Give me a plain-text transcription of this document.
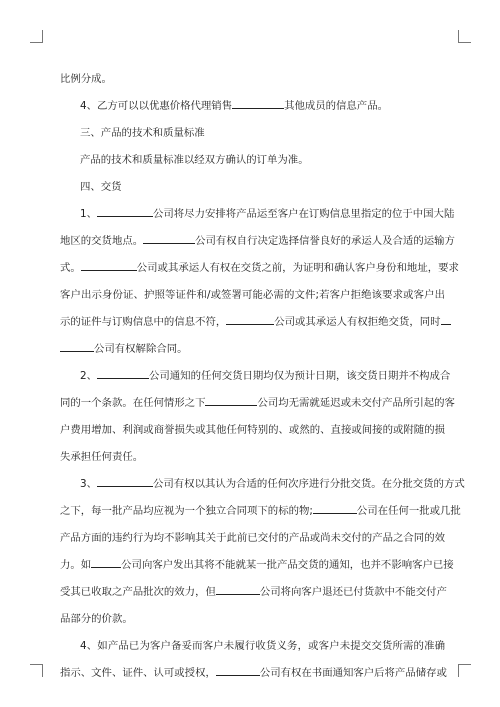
比例分成。

4、乙方可以以优惠价格代理销售	其他成员的信息产品。

三、产品的技术和质量标准

产品的技术和质量标准以经双方确认的订单为准。

四、交货

1、	公司将尽力安排将产品运至客户在订购信息里指定的位于中国大陆

地区的交货地点。	公司有权自行决定选择信誉良好的承运人及合适的运输方

式。	公司或其承运人有权在交货之前，为证明和确认客户身份和地址，要求

客户出示身份证、护照等证件和/或签署可能必需的文件;若客户拒绝该要求或客户出

示的证件与订购信息中的信息不符，	公司或其承运人有权拒绝交货，同时

公司有权解除合同。

2、	公司通知的任何交货日期均仅为预计日期，该交货日期并不构成合

同的一个条款。在任何情形之下	公司均无需就延迟或未交付产品所引起的客

户费用增加、利润或商誉损失或其他任何特别的、或然的、直接或间接的或附随的损

失承担任何责任。

3、	公司有权以其认为合适的任何次序进行分批交货。在分批交货的方式

之下，每一批产品均应视为一个独立合同项下的标的物;	公司在任何一批或几批

产品方面的违约行为均不影响其关于此前已交付的产品或尚未交付的产品之合同的效

力。如	公司向客户发出其将不能就某一批产品交货的通知，也并不影响客户已接

受其已收取之产品批次的效力，但	公司将向客户退还已付货款中不能交付产

品部分的价款。

4、如产品已为客户备妥而客户未履行收货义务，或客户未提交交货所需的准确

指示、文件、证件、认可或授权，	公司有权在书面通知客户后将产品储存或
